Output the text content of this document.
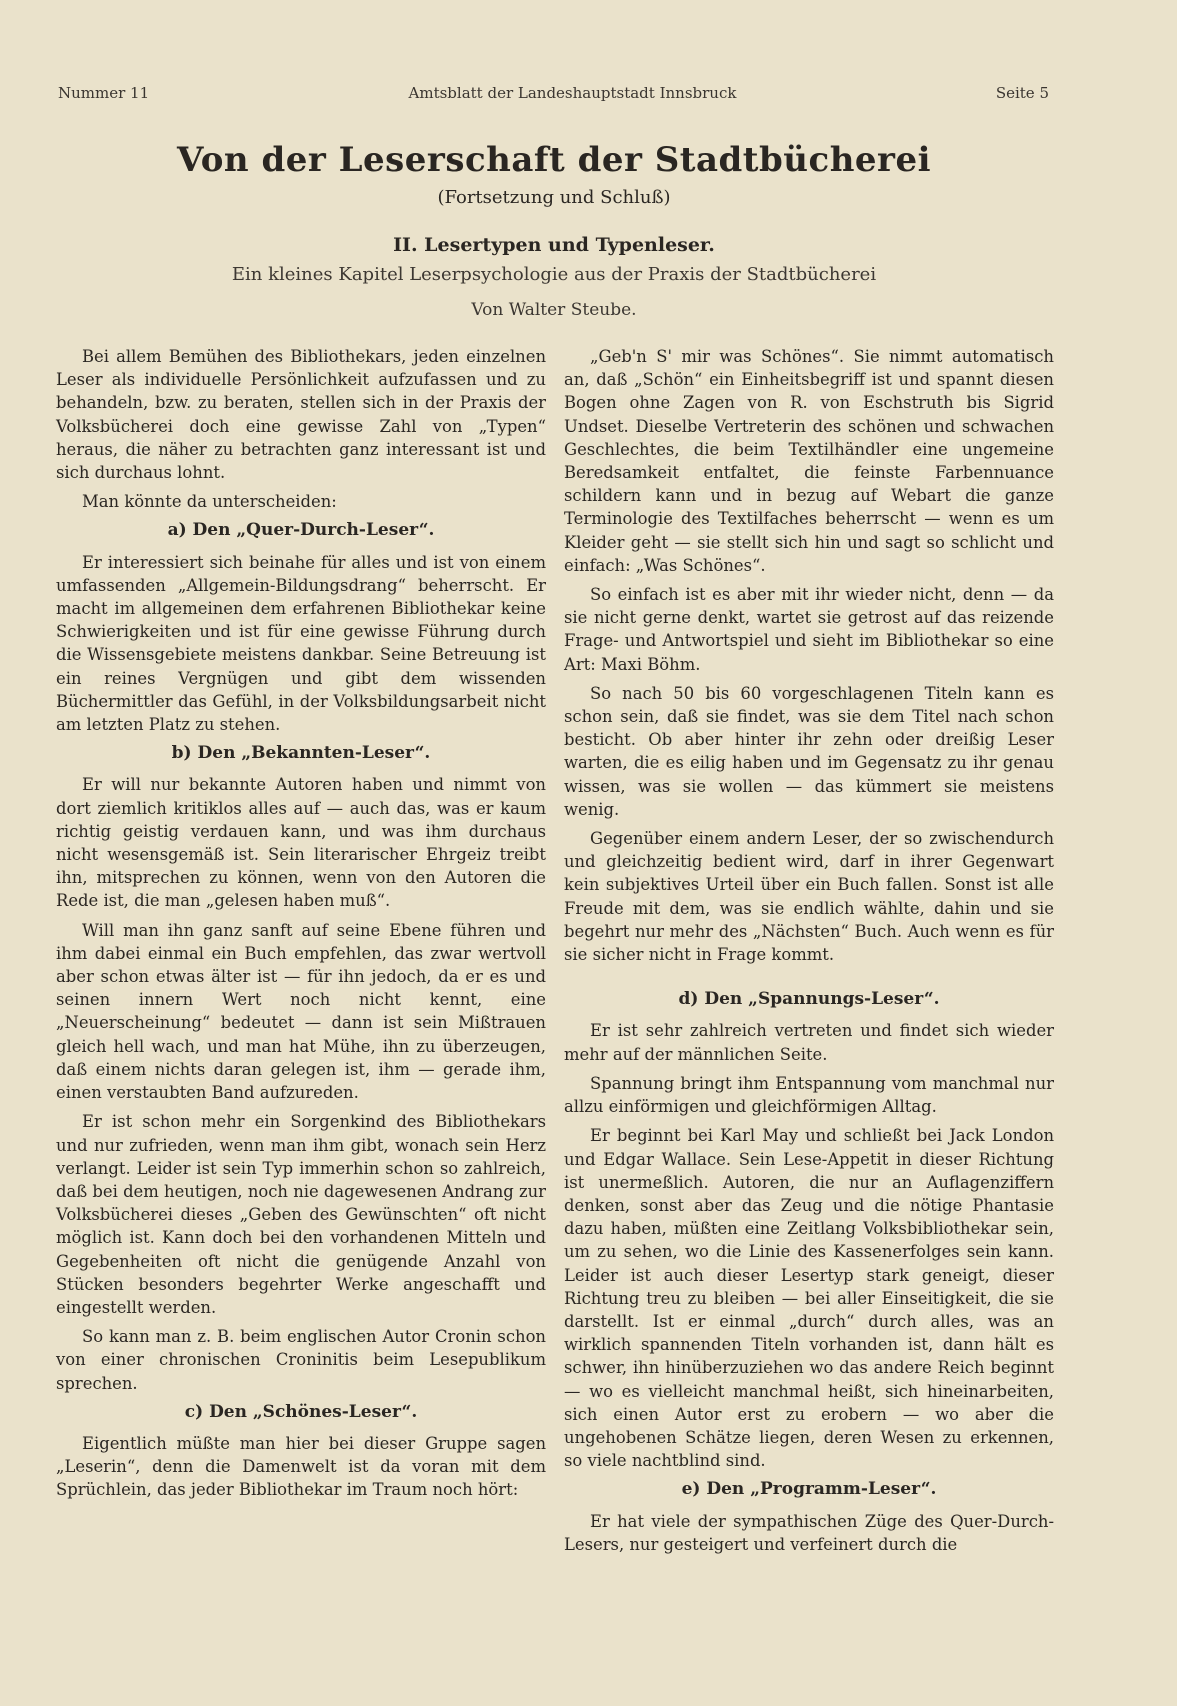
Nummer 11	Amtsblatt der Landeshauptstadt Innsbruck	Seite 5
Von der Leserschaft der Stadtbücherei
(Fortsetzung und Schluß)
II. Lesertypen und Typenleser.
Ein kleines Kapitel Leserpsychologie aus der Praxis der Stadtbücherei
Von Walter Steube.

Bei allem Bemühen des Bibliothekars, jeden einzelnen Leser als individuelle Persönlichkeit aufzufassen und zu behandeln, bzw. zu beraten, stellen sich in der Praxis der Volksbücherei doch eine gewisse Zahl von „Typen“ heraus, die näher zu betrachten ganz interessant ist und sich durchaus lohnt.

Man könnte da unterscheiden:

a) Den „Quer-Durch-Leser“.

Er interessiert sich beinahe für alles und ist von einem umfassenden „Allgemein-Bildungsdrang“ beherrscht. Er macht im allgemeinen dem erfahrenen Bibliothekar keine Schwierigkeiten und ist für eine gewisse Führung durch die Wissensgebiete meistens dankbar. Seine Betreuung ist ein reines Vergnügen und gibt dem wissenden Büchermittler das Gefühl, in der Volksbildungsarbeit nicht am letzten Platz zu stehen.

b) Den „Bekannten-Leser“.

Er will nur bekannte Autoren haben und nimmt von dort ziemlich kritiklos alles auf — auch das, was er kaum richtig geistig verdauen kann, und was ihm durchaus nicht wesensgemäß ist. Sein literarischer Ehrgeiz treibt ihn, mitsprechen zu können, wenn von den Autoren die Rede ist, die man „gelesen haben muß“.

Will man ihn ganz sanft auf seine Ebene führen und ihm dabei einmal ein Buch empfehlen, das zwar wertvoll aber schon etwas älter ist — für ihn jedoch, da er es und seinen innern Wert noch nicht kennt, eine „Neuerscheinung“ bedeutet — dann ist sein Mißtrauen gleich hell wach, und man hat Mühe, ihn zu überzeugen, daß einem nichts daran gelegen ist, ihm — gerade ihm, einen verstaubten Band aufzureden.

Er ist schon mehr ein Sorgenkind des Bibliothekars und nur zufrieden, wenn man ihm gibt, wonach sein Herz verlangt. Leider ist sein Typ immerhin schon so zahlreich, daß bei dem heutigen, noch nie dagewesenen Andrang zur Volksbücherei dieses „Geben des Gewünschten“ oft nicht möglich ist. Kann doch bei den vorhandenen Mitteln und Gegebenheiten oft nicht die genügende Anzahl von Stücken besonders begehrter Werke angeschafft und eingestellt werden.

So kann man z. B. beim englischen Autor Cronin schon von einer chronischen Croninitis beim Lesepublikum sprechen.

c) Den „Schönes-Leser“.

Eigentlich müßte man hier bei dieser Gruppe sagen „Leserin“, denn die Damenwelt ist da voran mit dem Sprüchlein, das jeder Bibliothekar im Traum noch hört:

„Geb'n S' mir was Schönes“. Sie nimmt automatisch an, daß „Schön“ ein Einheitsbegriff ist und spannt diesen Bogen ohne Zagen von R. von Eschstruth bis Sigrid Undset. Dieselbe Vertreterin des schönen und schwachen Geschlechtes, die beim Textilhändler eine ungemeine Beredsamkeit entfaltet, die feinste Farbennuance schildern kann und in bezug auf Webart die ganze Terminologie des Textilfaches beherrscht — wenn es um Kleider geht — sie stellt sich hin und sagt so schlicht und einfach: „Was Schönes“.

So einfach ist es aber mit ihr wieder nicht, denn — da sie nicht gerne denkt, wartet sie getrost auf das reizende Frage- und Antwortspiel und sieht im Bibliothekar so eine Art: Maxi Böhm.

So nach 50 bis 60 vorgeschlagenen Titeln kann es schon sein, daß sie findet, was sie dem Titel nach schon besticht. Ob aber hinter ihr zehn oder dreißig Leser warten, die es eilig haben und im Gegensatz zu ihr genau wissen, was sie wollen — das kümmert sie meistens wenig.

Gegenüber einem andern Leser, der so zwischendurch und gleichzeitig bedient wird, darf in ihrer Gegenwart kein subjektives Urteil über ein Buch fallen. Sonst ist alle Freude mit dem, was sie endlich wählte, dahin und sie begehrt nur mehr des „Nächsten“ Buch. Auch wenn es für sie sicher nicht in Frage kommt.

d) Den „Spannungs-Leser“.

Er ist sehr zahlreich vertreten und findet sich wieder mehr auf der männlichen Seite.

Spannung bringt ihm Entspannung vom manchmal nur allzu einförmigen und gleichförmigen Alltag.

Er beginnt bei Karl May und schließt bei Jack London und Edgar Wallace. Sein Lese-Appetit in dieser Richtung ist unermeßlich. Autoren, die nur an Auflagenziffern denken, sonst aber das Zeug und die nötige Phantasie dazu haben, müßten eine Zeitlang Volksbibliothekar sein, um zu sehen, wo die Linie des Kassenerfolges sein kann. Leider ist auch dieser Lesertyp stark geneigt, dieser Richtung treu zu bleiben — bei aller Einseitigkeit, die sie darstellt. Ist er einmal „durch“ durch alles, was an wirklich spannenden Titeln vorhanden ist, dann hält es schwer, ihn hinüberzuziehen wo das andere Reich beginnt — wo es vielleicht manchmal heißt, sich hineinarbeiten, sich einen Autor erst zu erobern — wo aber die ungehobenen Schätze liegen, deren Wesen zu erkennen, so viele nachtblind sind.

e) Den „Programm-Leser“.

Er hat viele der sympathischen Züge des Quer-Durch-Lesers, nur gesteigert und verfeinert durch die
